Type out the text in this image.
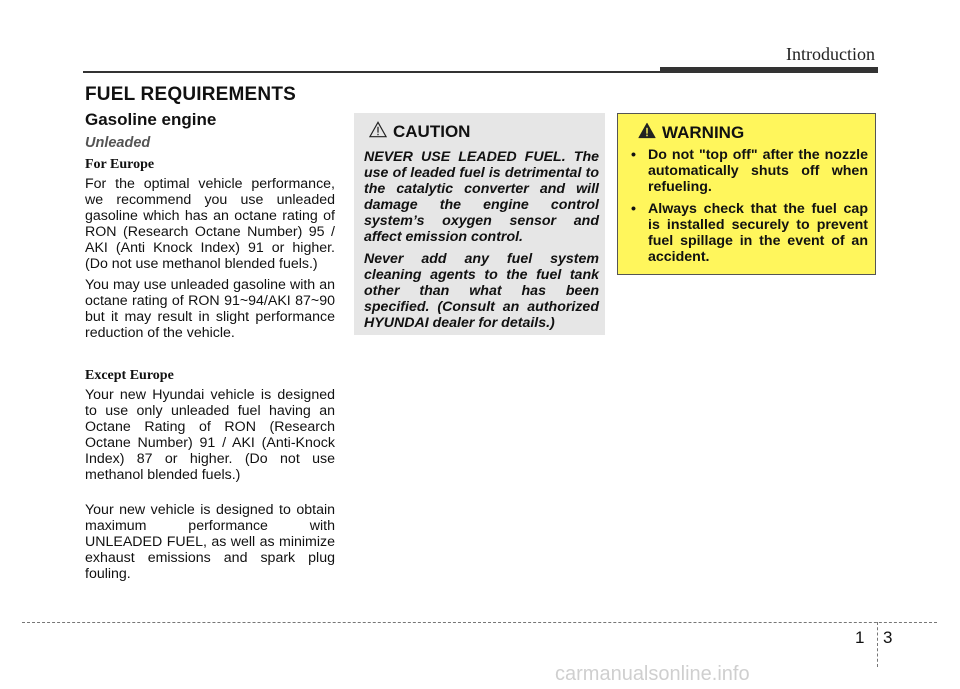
Introduction
FUEL REQUIREMENTS
Gasoline engine
Unleaded
For Europe

For the optimal vehicle performance, we recommend you use unleaded gasoline which has an octane rating of RON (Research Octane Number) 95 / AKI (Anti Knock Index) 91 or higher. (Do not use methanol blended fuels.)

You may use unleaded gasoline with an octane rating of RON 91~94/AKI 87~90 but it may result in slight performance reduction of the vehicle.

Except Europe

Your new Hyundai vehicle is designed to use only unleaded fuel having an Octane Rating of RON (Research Octane Number) 91 / AKI (Anti-Knock Index) 87 or higher. (Do not use methanol blended fuels.)

Your new vehicle is designed to obtain maximum performance with UNLEADED FUEL, as well as minimize exhaust emissions and spark plug fouling.

CAUTION

NEVER USE LEADED FUEL. The use of leaded fuel is detrimental to the catalytic converter and will damage the engine control system’s oxygen sensor and affect emission control.

Never add any fuel system cleaning agents to the fuel tank other than what has been specified. (Consult an authorized HYUNDAI dealer for details.)

WARNING
• Do not "top off" after the nozzle automatically shuts off when refueling.
• Always check that the fuel cap is installed securely to prevent fuel spillage in the event of an accident.
1 3
carmanualsonline.info
